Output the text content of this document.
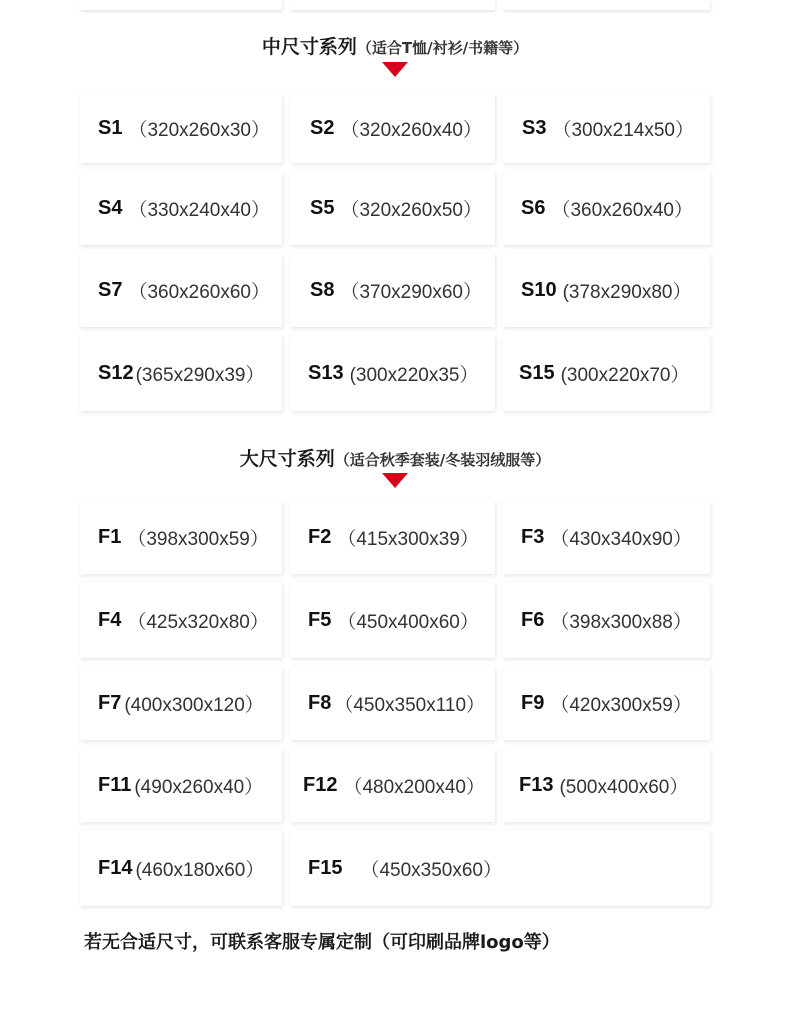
中尺寸系列（适合T恤/衬衫/书籍等）
S1 （320x260x30） S2 （320x260x40） S3 （300x214x50）
S4 （330x240x40） S5 （320x260x50） S6 （360x260x40）
S7 （360x260x60） S8 （370x290x60） S10 (378x290x80）
S12 (365x290x39） S13 (300x220x35） S15 (300x220x70）
大尺寸系列（适合秋季套装/冬装羽绒服等）
F1 （398x300x59） F2 （415x300x39） F3 （430x340x90）
F4 （425x320x80） F5 （450x400x60） F6 （398x300x88）
F7 (400x300x120） F8 （450x350x110） F9 （420x300x59）
F11 (490x260x40） F12 （480x200x40） F13 (500x400x60）
F14 (460x180x60） F15 （450x350x60）
若无合适尺寸，可联系客服专属定制（可印刷品牌logo等）
